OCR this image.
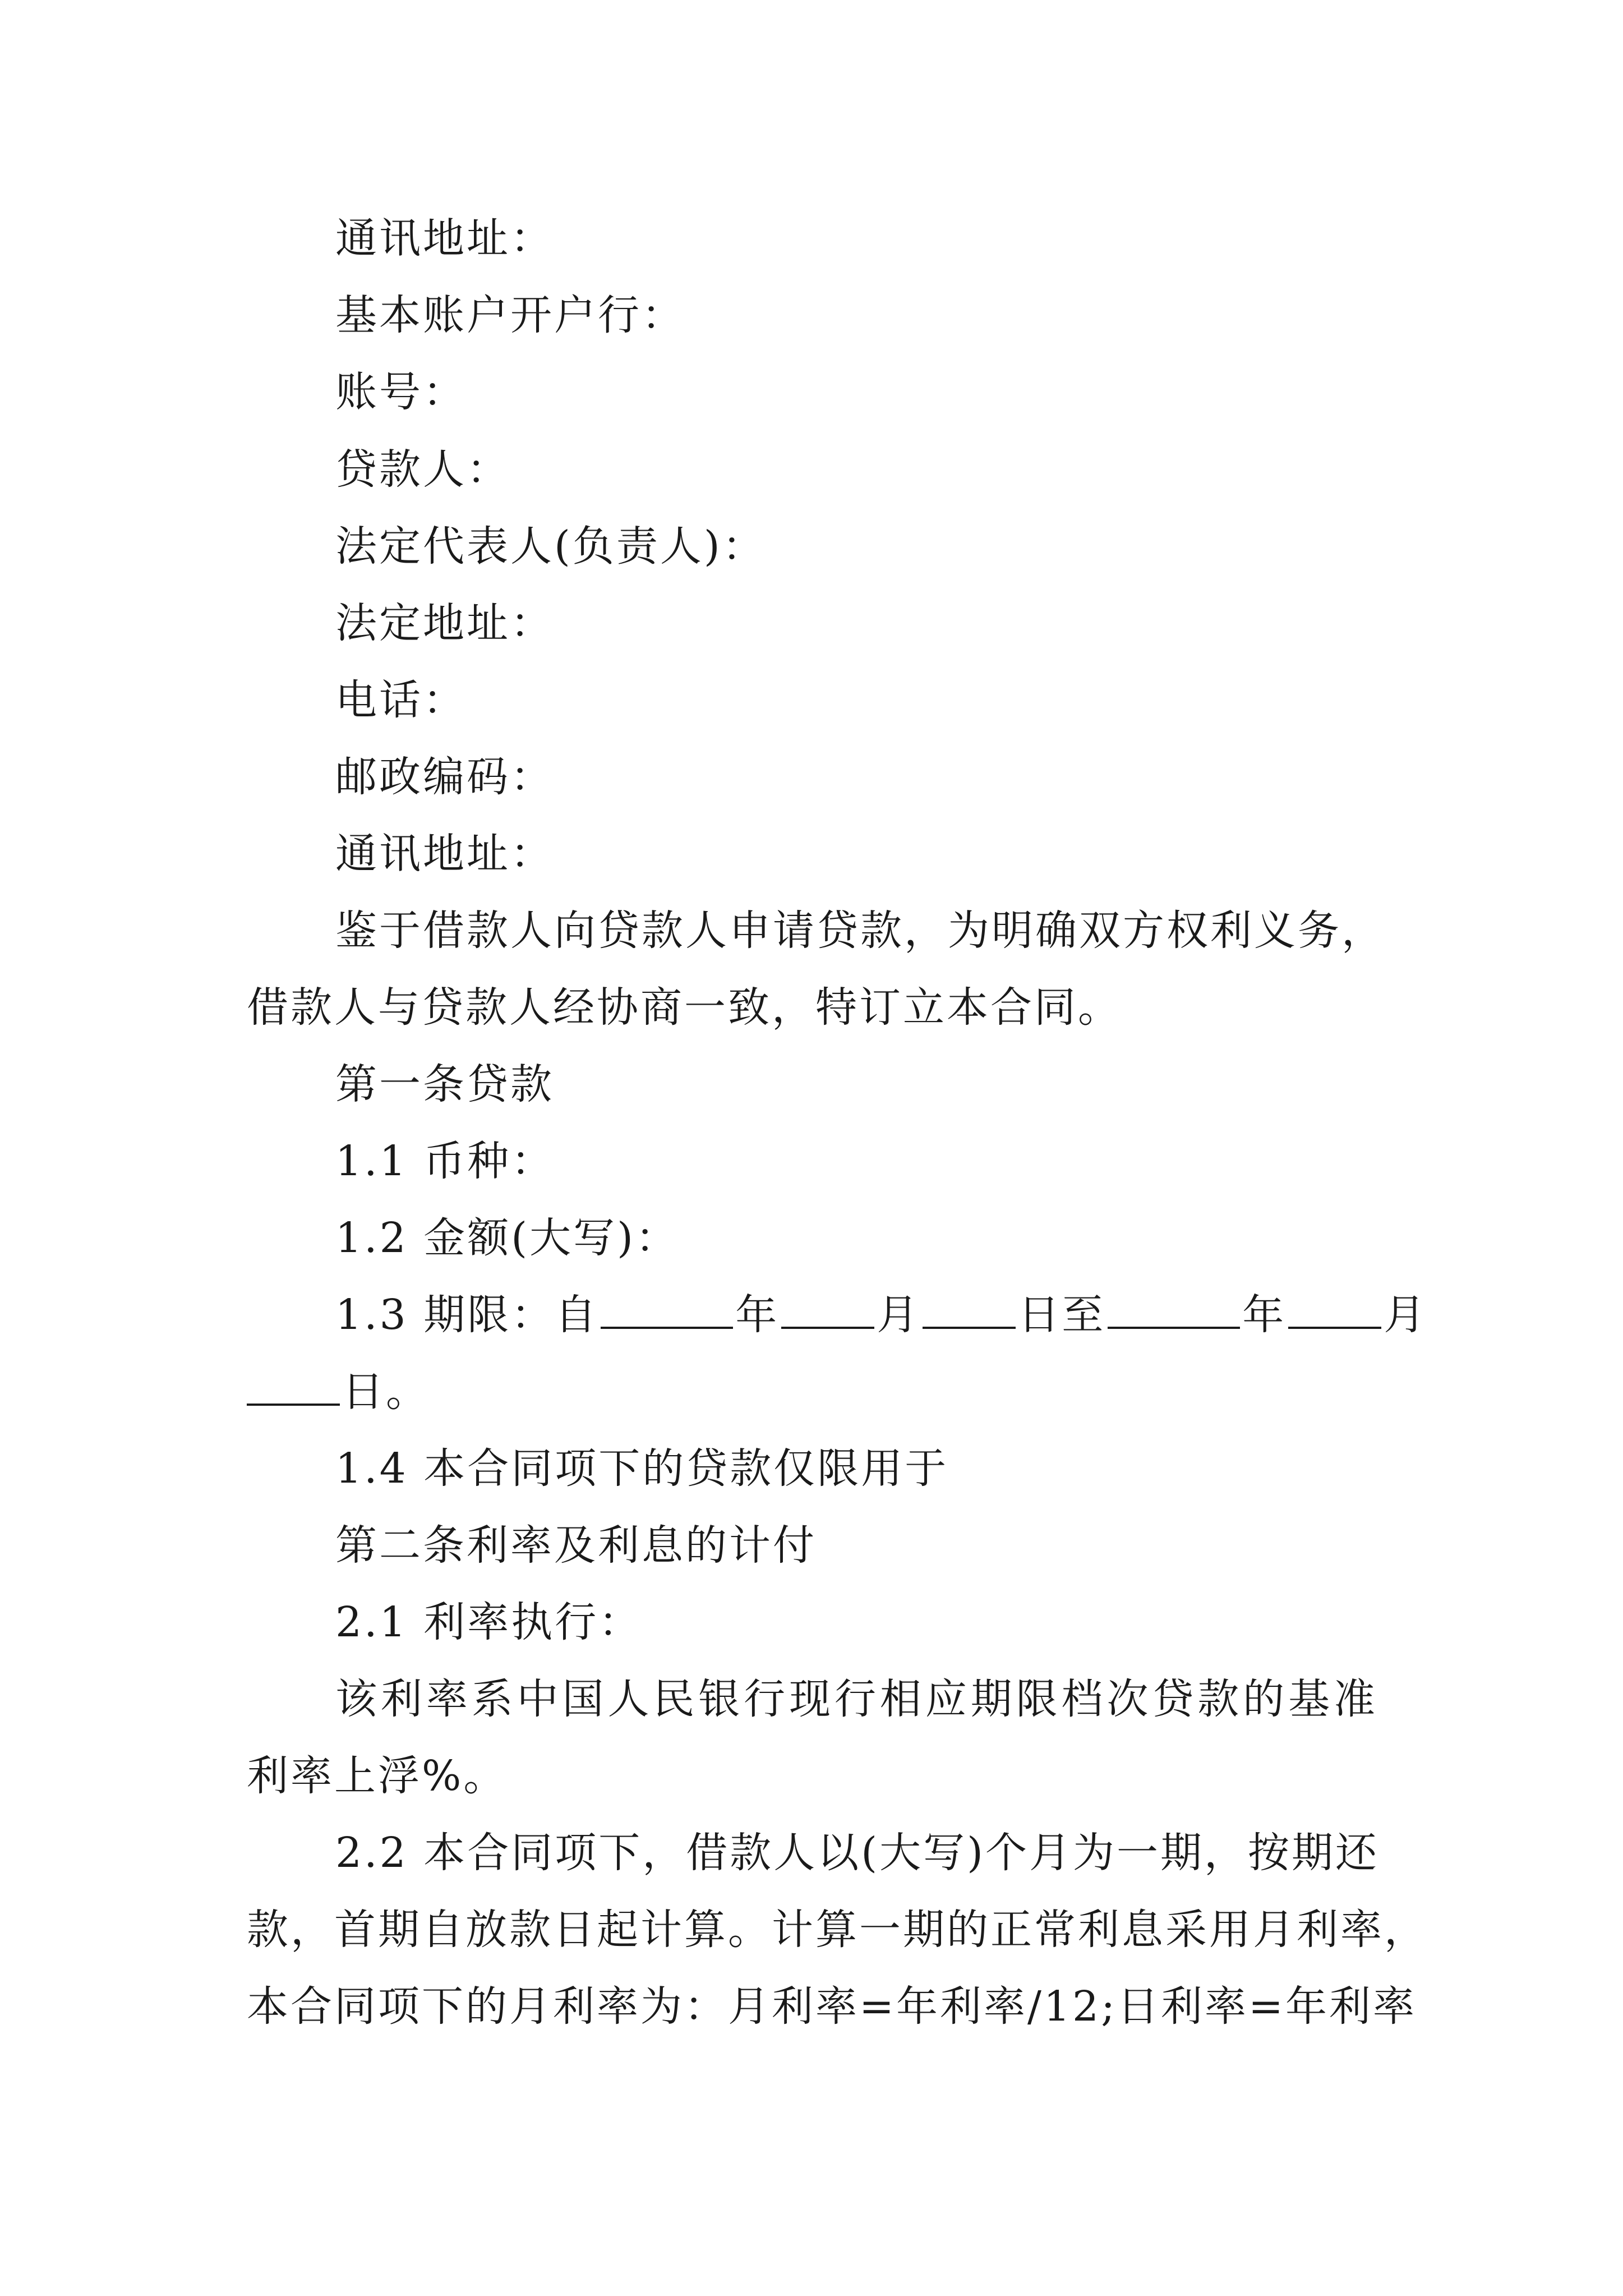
通讯地址：
基本账户开户行：
账号：
贷款人：
法定代表人(负责人)：
法定地址：
电话：
邮政编码：
通讯地址：
鉴于借款人向贷款人申请贷款，为明确双方权利义务，
借款人与贷款人经协商一致，特订立本合同。
第一条贷款
1.1 币种：
1.2 金额(大写)：
1.3 期限：自	年 月 日至	年 月
日。
1.4 本合同项下的贷款仅限用于
第二条利率及利息的计付
2.1 利率执行：
该利率系中国人民银行现行相应期限档次贷款的基准
利率上浮%。
2.2 本合同项下，借款人以(大写)个月为一期，按期还
款，首期自放款日起计算。计算一期的正常利息采用月利率，
本合同项下的月利率为：月利率=年利率/12;日利率=年利率
